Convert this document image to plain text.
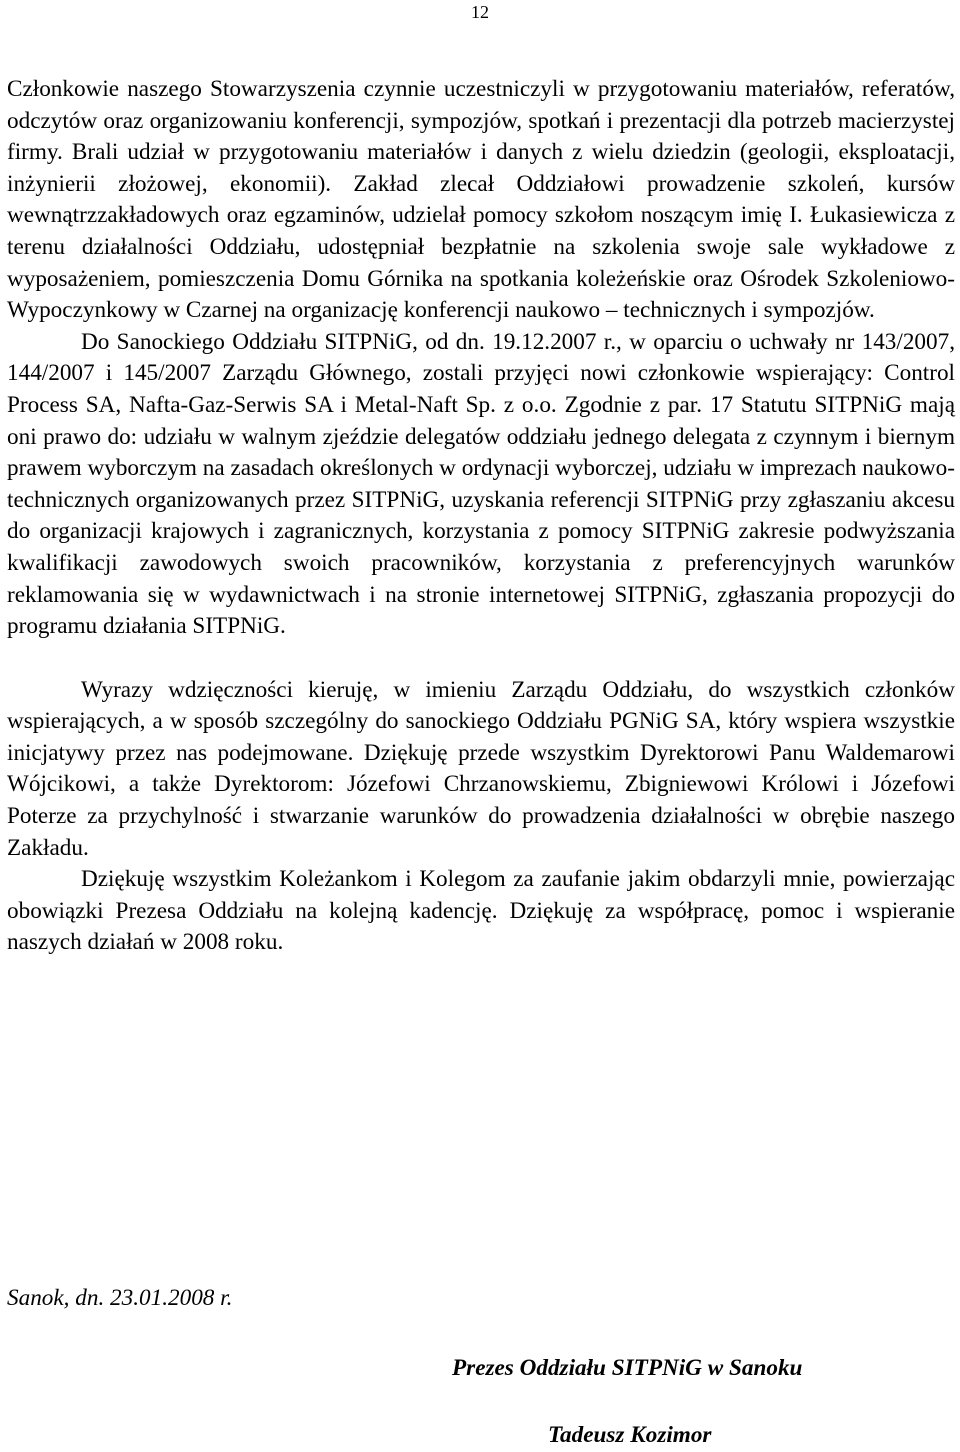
12

Członkowie naszego Stowarzyszenia czynnie uczestniczyli w przygotowaniu materiałów, referatów, odczytów oraz organizowaniu konferencji, sympozjów, spotkań i prezentacji dla potrzeb macierzystej firmy. Brali udział w przygotowaniu materiałów i danych z wielu dziedzin (geologii, eksploatacji, inżynierii złożowej, ekonomii). Zakład zlecał Oddziałowi prowadzenie szkoleń, kursów wewnątrzzakładowych oraz egzaminów, udzielał pomocy szkołom noszącym imię I. Łukasiewicza z terenu działalności Oddziału, udostępniał bezpłatnie na szkolenia swoje sale wykładowe z wyposażeniem, pomieszczenia Domu Górnika na spotkania koleżeńskie oraz Ośrodek Szkoleniowo-Wypoczynkowy w Czarnej na organizację konferencji naukowo – technicznych i sympozjów.

Do Sanockiego Oddziału SITPNiG, od dn. 19.12.2007 r., w oparciu o uchwały nr 143/2007, 144/2007 i 145/2007 Zarządu Głównego, zostali przyjęci nowi członkowie wspierający: Control Process SA, Nafta-Gaz-Serwis SA i Metal-Naft Sp. z o.o. Zgodnie z par. 17 Statutu SITPNiG mają oni prawo do: udziału w walnym zjeździe delegatów oddziału jednego delegata z czynnym i biernym prawem wyborczym na zasadach określonych w ordynacji wyborczej, udziału w imprezach naukowo-technicznych organizowanych przez SITPNiG, uzyskania referencji SITPNiG przy zgłaszaniu akcesu do organizacji krajowych i zagranicznych, korzystania z pomocy SITPNiG zakresie podwyższania kwalifikacji zawodowych swoich pracowników, korzystania z preferencyjnych warunków reklamowania się w wydawnictwach i na stronie internetowej SITPNiG, zgłaszania propozycji do programu działania SITPNiG.

Wyrazy wdzięczności kieruję, w imieniu Zarządu Oddziału, do wszystkich członków wspierających, a w sposób szczególny do sanockiego Oddziału PGNiG SA, który wspiera wszystkie inicjatywy przez nas podejmowane. Dziękuję przede wszystkim Dyrektorowi Panu Waldemarowi Wójcikowi, a także Dyrektorom: Józefowi Chrzanowskiemu, Zbigniewowi Królowi i Józefowi Poterze za przychylność i stwarzanie warunków do prowadzenia działalności w obrębie naszego Zakładu.

Dziękuję wszystkim Koleżankom i Kolegom za zaufanie jakim obdarzyli mnie, powierzając obowiązki Prezesa Oddziału na kolejną kadencję. Dziękuję za współpracę, pomoc i wspieranie naszych działań w 2008 roku.

Sanok, dn. 23.01.2008 r.
Prezes Oddziału SITPNiG w Sanoku
Tadeusz Kozimor
